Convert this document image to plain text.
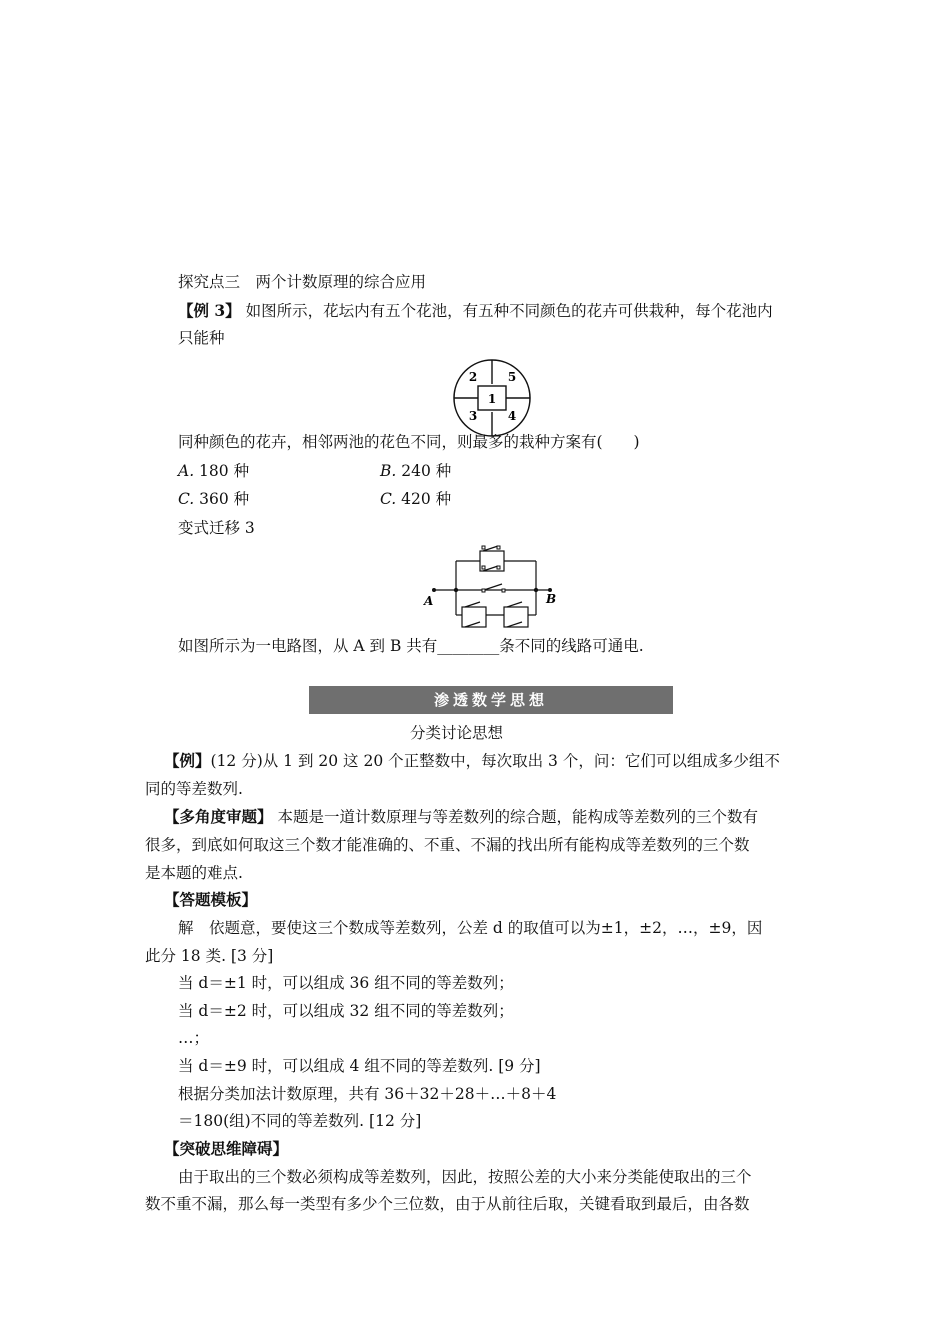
探究点三　两个计数原理的综合应用
【例 3】 如图所示，花坛内有五个花池，有五种不同颜色的花卉可供栽种，每个花池内
只能种
1
2
3	4
5
同种颜色的花卉，相邻两池的花色不同，则最多的栽种方案有(　　)
A. 180 种	B. 240 种
C. 360 种	C. 420 种
变式迁移 3
A	B
如图所示为一电路图，从 A 到 B 共有________条不同的线路可通电.
渗透数学思想
分类讨论思想
【例】(12 分)从 1 到 20 这 20 个正整数中，每次取出 3 个，问：它们可以组成多少组不
同的等差数列.
【多角度审题】 本题是一道计数原理与等差数列的综合题，能构成等差数列的三个数有
很多，到底如何取这三个数才能准确的、不重、不漏的找出所有能构成等差数列的三个数
是本题的难点.
【答题模板】
解　依题意，要使这三个数成等差数列，公差 d 的取值可以为±1，±2，…，±9，因
此分 18 类. [3 分]
当 d＝±1 时，可以组成 36 组不同的等差数列；
当 d＝±2 时，可以组成 32 组不同的等差数列；
…；
当 d＝±9 时，可以组成 4 组不同的等差数列. [9 分]
根据分类加法计数原理，共有 36＋32＋28＋…＋8＋4
＝180(组)不同的等差数列. [12 分]
【突破思维障碍】
由于取出的三个数必须构成等差数列，因此，按照公差的大小来分类能使取出的三个
数不重不漏，那么每一类型有多少个三位数，由于从前往后取，关键看取到最后，由各数
